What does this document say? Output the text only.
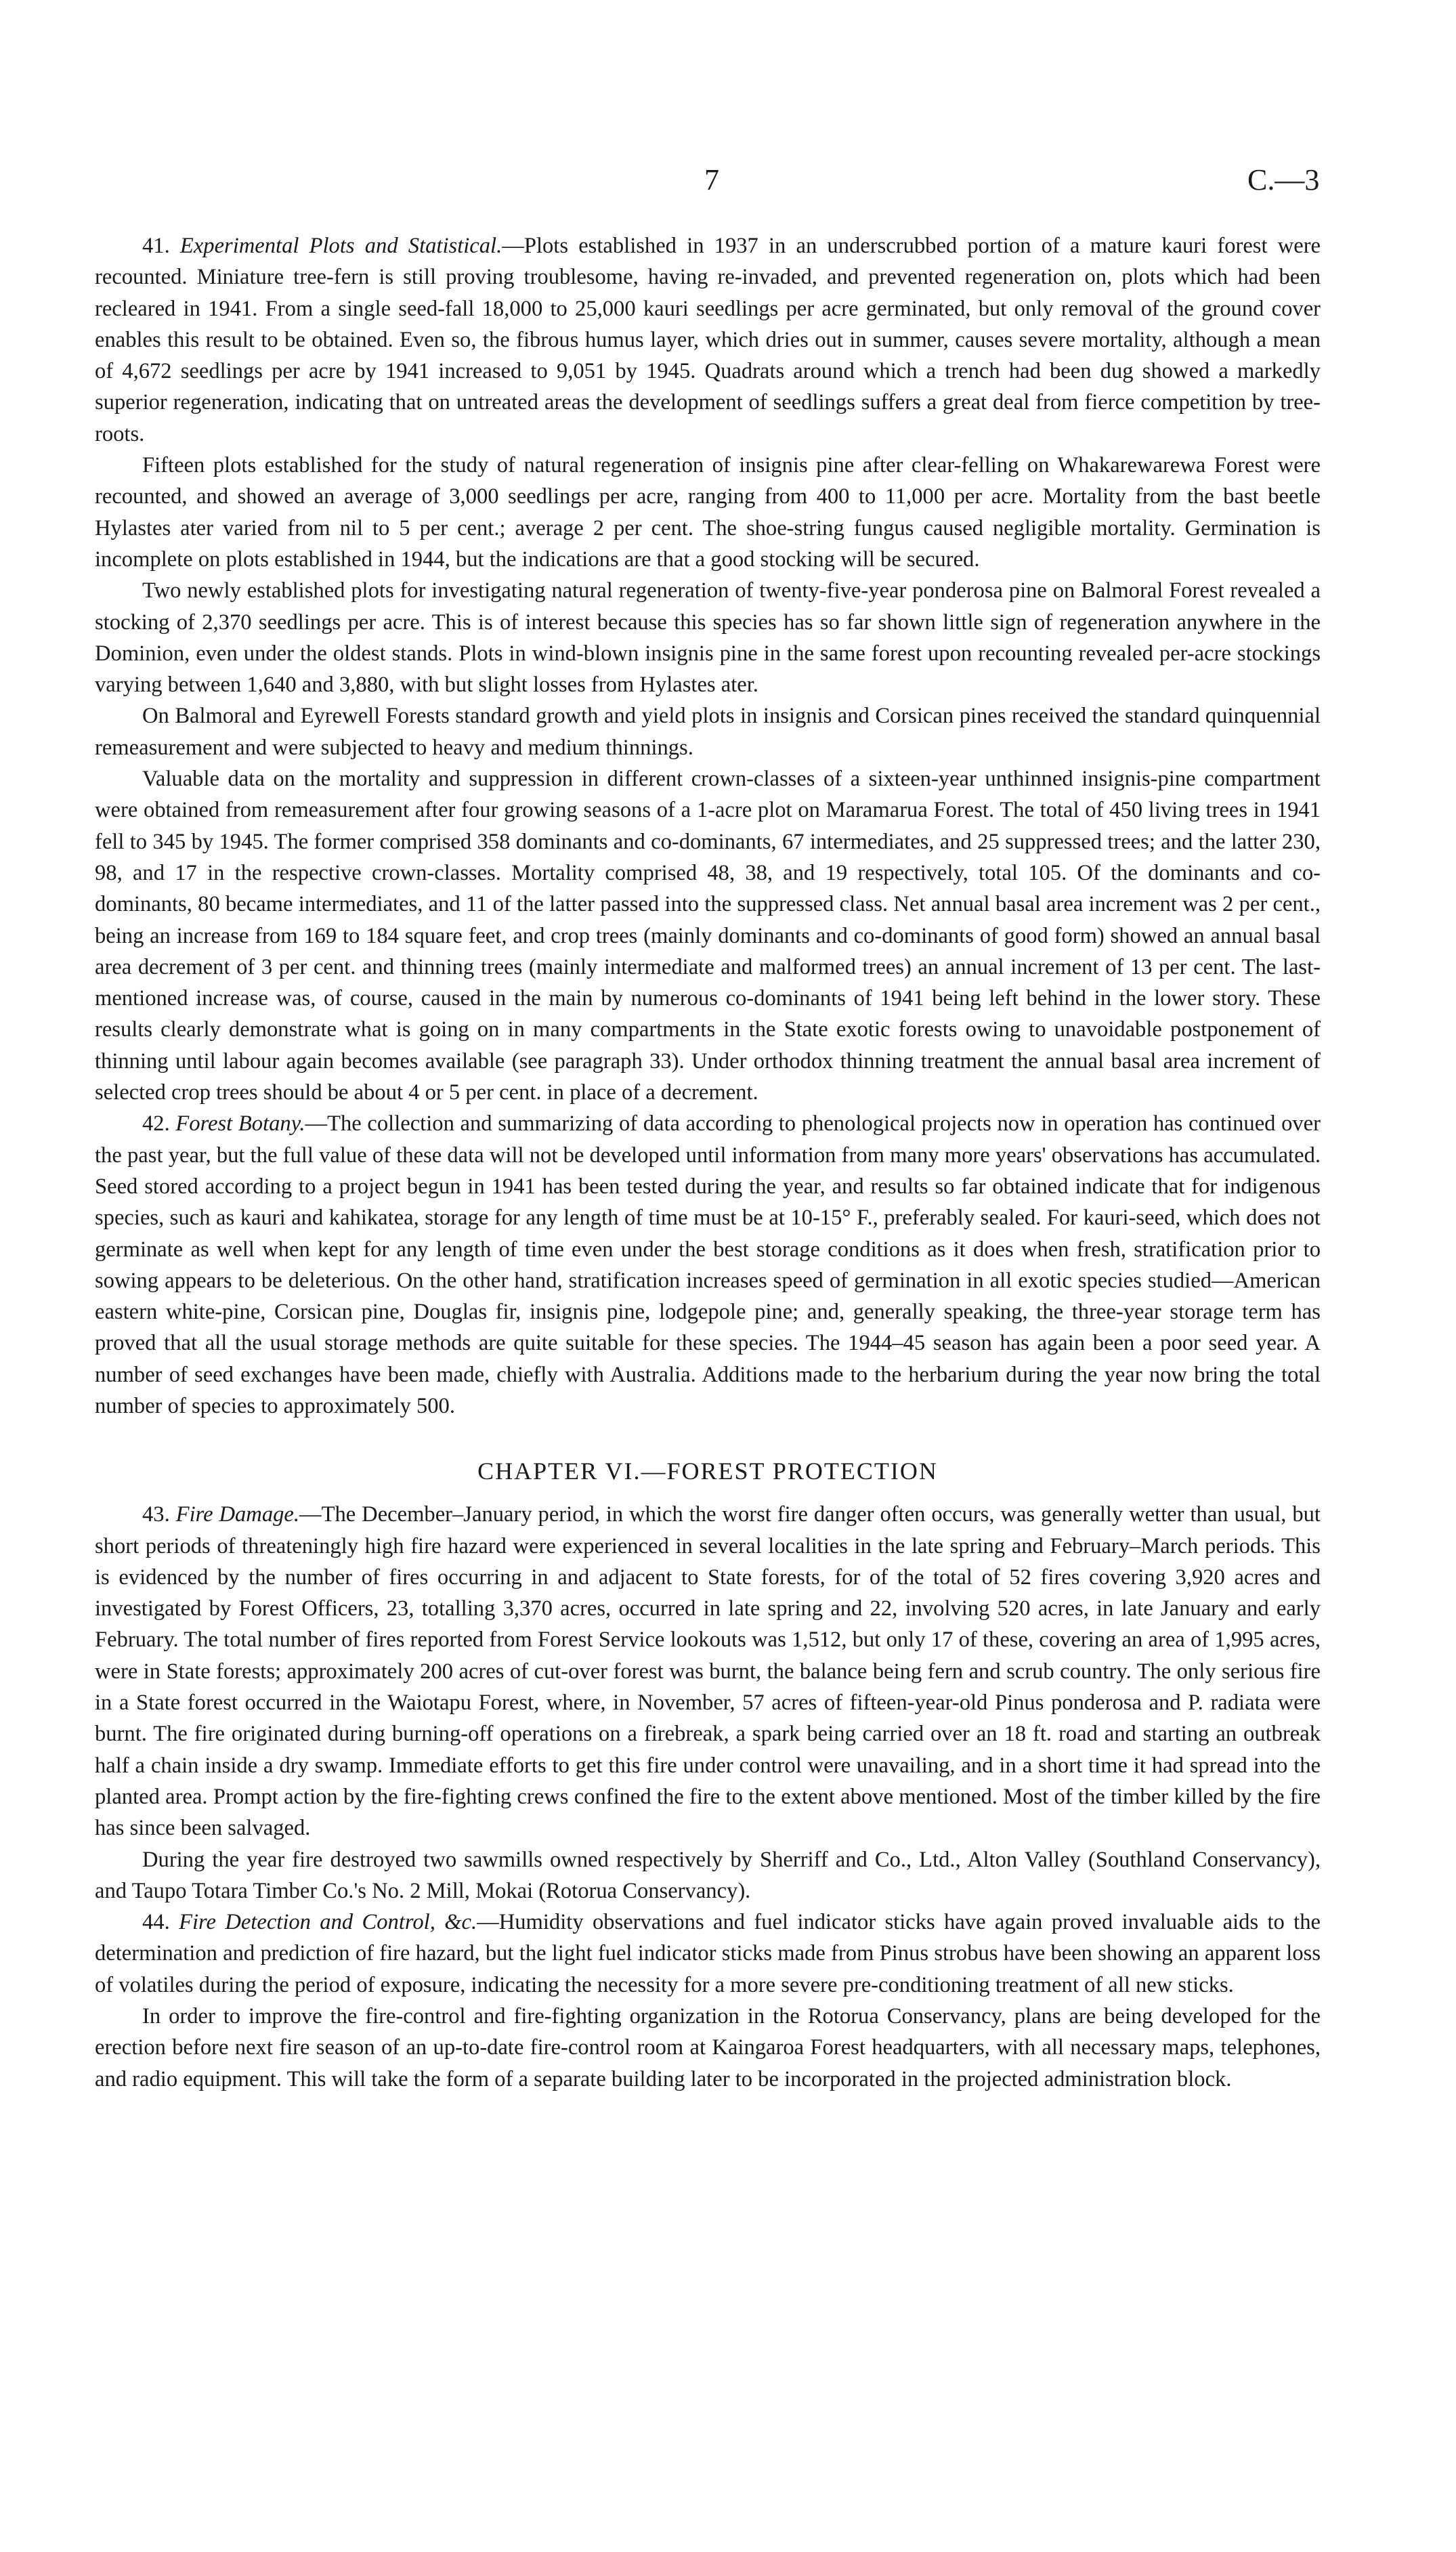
7	C.—3

41. Experimental Plots and Statistical.—Plots established in 1937 in an underscrubbed portion of a mature kauri forest were recounted. Miniature tree-fern is still proving troublesome, having re-invaded, and prevented regeneration on, plots which had been recleared in 1941. From a single seed-fall 18,000 to 25,000 kauri seedlings per acre germinated, but only removal of the ground cover enables this result to be obtained. Even so, the fibrous humus layer, which dries out in summer, causes severe mortality, although a mean of 4,672 seedlings per acre by 1941 increased to 9,051 by 1945. Quadrats around which a trench had been dug showed a markedly superior regeneration, indicating that on untreated areas the development of seedlings suffers a great deal from fierce competition by tree-roots.

Fifteen plots established for the study of natural regeneration of insignis pine after clear-felling on Whakarewarewa Forest were recounted, and showed an average of 3,000 seedlings per acre, ranging from 400 to 11,000 per acre. Mortality from the bast beetle Hylastes ater varied from nil to 5 per cent.; average 2 per cent. The shoe-string fungus caused negligible mortality. Germination is incomplete on plots established in 1944, but the indications are that a good stocking will be secured.

Two newly established plots for investigating natural regeneration of twenty-five-year ponderosa pine on Balmoral Forest revealed a stocking of 2,370 seedlings per acre. This is of interest because this species has so far shown little sign of regeneration anywhere in the Dominion, even under the oldest stands. Plots in wind-blown insignis pine in the same forest upon recounting revealed per-acre stockings varying between 1,640 and 3,880, with but slight losses from Hylastes ater.

On Balmoral and Eyrewell Forests standard growth and yield plots in insignis and Corsican pines received the standard quinquennial remeasurement and were subjected to heavy and medium thinnings.

Valuable data on the mortality and suppression in different crown-classes of a sixteen-year unthinned insignis-pine compartment were obtained from remeasurement after four growing seasons of a 1-acre plot on Maramarua Forest. The total of 450 living trees in 1941 fell to 345 by 1945. The former comprised 358 dominants and co-dominants, 67 intermediates, and 25 suppressed trees; and the latter 230, 98, and 17 in the respective crown-classes. Mortality comprised 48, 38, and 19 respectively, total 105. Of the dominants and co-dominants, 80 became intermediates, and 11 of the latter passed into the suppressed class. Net annual basal area increment was 2 per cent., being an increase from 169 to 184 square feet, and crop trees (mainly dominants and co-dominants of good form) showed an annual basal area decrement of 3 per cent. and thinning trees (mainly intermediate and malformed trees) an annual increment of 13 per cent. The last-mentioned increase was, of course, caused in the main by numerous co-dominants of 1941 being left behind in the lower story. These results clearly demonstrate what is going on in many compartments in the State exotic forests owing to unavoidable postponement of thinning until labour again becomes available (see paragraph 33). Under orthodox thinning treatment the annual basal area increment of selected crop trees should be about 4 or 5 per cent. in place of a decrement.

42. Forest Botany.—The collection and summarizing of data according to phenological projects now in operation has continued over the past year, but the full value of these data will not be developed until information from many more years' observations has accumulated. Seed stored according to a project begun in 1941 has been tested during the year, and results so far obtained indicate that for indigenous species, such as kauri and kahikatea, storage for any length of time must be at 10-15° F., preferably sealed. For kauri-seed, which does not germinate as well when kept for any length of time even under the best storage conditions as it does when fresh, stratification prior to sowing appears to be deleterious. On the other hand, stratification increases speed of germination in all exotic species studied—American eastern white-pine, Corsican pine, Douglas fir, insignis pine, lodgepole pine; and, generally speaking, the three-year storage term has proved that all the usual storage methods are quite suitable for these species. The 1944–45 season has again been a poor seed year. A number of seed exchanges have been made, chiefly with Australia. Additions made to the herbarium during the year now bring the total number of species to approximately 500.

CHAPTER VI.—FOREST PROTECTION

43. Fire Damage.—The December–January period, in which the worst fire danger often occurs, was generally wetter than usual, but short periods of threateningly high fire hazard were experienced in several localities in the late spring and February–March periods. This is evidenced by the number of fires occurring in and adjacent to State forests, for of the total of 52 fires covering 3,920 acres and investigated by Forest Officers, 23, totalling 3,370 acres, occurred in late spring and 22, involving 520 acres, in late January and early February. The total number of fires reported from Forest Service lookouts was 1,512, but only 17 of these, covering an area of 1,995 acres, were in State forests; approximately 200 acres of cut-over forest was burnt, the balance being fern and scrub country. The only serious fire in a State forest occurred in the Waiotapu Forest, where, in November, 57 acres of fifteen-year-old Pinus ponderosa and P. radiata were burnt. The fire originated during burning-off operations on a firebreak, a spark being carried over an 18 ft. road and starting an outbreak half a chain inside a dry swamp. Immediate efforts to get this fire under control were unavailing, and in a short time it had spread into the planted area. Prompt action by the fire-fighting crews confined the fire to the extent above mentioned. Most of the timber killed by the fire has since been salvaged.

During the year fire destroyed two sawmills owned respectively by Sherriff and Co., Ltd., Alton Valley (Southland Conservancy), and Taupo Totara Timber Co.'s No. 2 Mill, Mokai (Rotorua Conservancy).

44. Fire Detection and Control, &c.—Humidity observations and fuel indicator sticks have again proved invaluable aids to the determination and prediction of fire hazard, but the light fuel indicator sticks made from Pinus strobus have been showing an apparent loss of volatiles during the period of exposure, indicating the necessity for a more severe pre-conditioning treatment of all new sticks.

In order to improve the fire-control and fire-fighting organization in the Rotorua Conservancy, plans are being developed for the erection before next fire season of an up-to-date fire-control room at Kaingaroa Forest headquarters, with all necessary maps, telephones, and radio equipment. This will take the form of a separate building later to be incorporated in the projected administration block.
